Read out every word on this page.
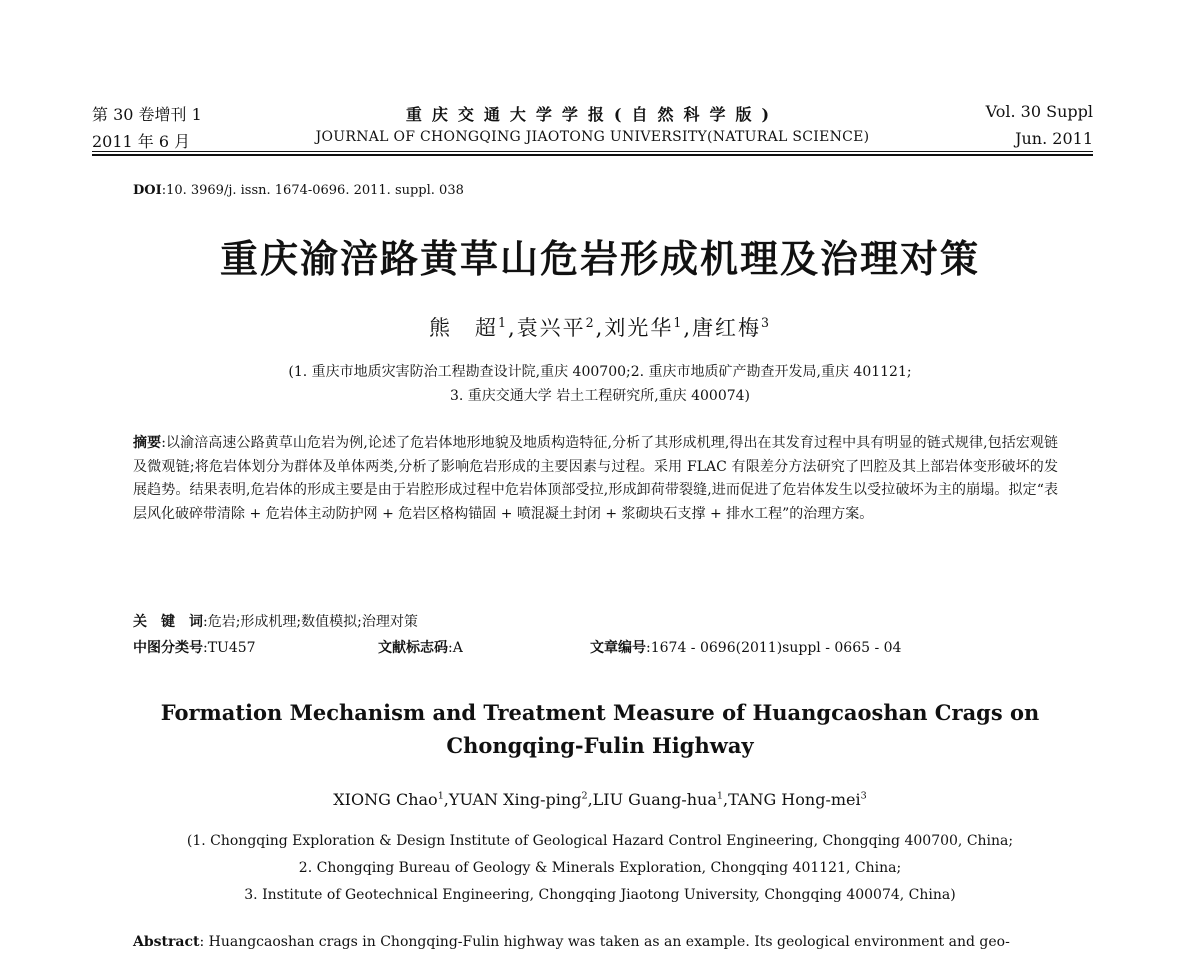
第 30 卷增刊 1	重庆交通大学学报(自然科学版)	Vol. 30 Suppl
2011 年 6 月	JOURNAL OF CHONGQING JIAOTONG UNIVERSITY(NATURAL SCIENCE)	Jun. 2011
DOI:10. 3969/j. issn. 1674-0696. 2011. suppl. 038
重庆渝涪路黄草山危岩形成机理及治理对策
熊　超$^1$,袁兴平$^2$,刘光华$^1$,唐红梅$^3$
(1. 重庆市地质灾害防治工程勘查设计院,重庆 400700;2. 重庆市地质矿产勘查开发局,重庆 401121;
3. 重庆交通大学 岩土工程研究所,重庆 400074)
摘要:以渝涪高速公路黄草山危岩为例,论述了危岩体地形地貌及地质构造特征,分析了其形成机理,得出在其发育过程中具有明显的链式规律,包括宏观链及微观链;将危岩体划分为群体及单体两类,分析了影响危岩形成的主要因素与过程。采用 FLAC 有限差分方法研究了凹腔及其上部岩体变形破坏的发展趋势。结果表明,危岩体的形成主要是由于岩腔形成过程中危岩体顶部受拉,形成卸荷带裂缝,进而促进了危岩体发生以受拉破坏为主的崩塌。拟定“表层风化破碎带清除 + 危岩体主动防护网 + 危岩区格构锚固 + 喷混凝土封闭 + 浆砌块石支撑 + 排水工程”的治理方案。
关　键　词:危岩;形成机理;数值模拟;治理对策
中图分类号:TU457	文献标志码:A	文章编号:1674 - 0696(2011)suppl - 0665 - 04
Formation Mechanism and Treatment Measure of Huangcaoshan Crags on
Chongqing-Fulin Highway
XIONG Chao$^1$,YUAN Xing-ping$^2$,LIU Guang-hua$^1$,TANG Hong-mei$^3$
(1. Chongqing Exploration & Design Institute of Geological Hazard Control Engineering, Chongqing 400700, China;
2. Chongqing Bureau of Geology & Minerals Exploration, Chongqing 401121, China;
3. Institute of Geotechnical Engineering, Chongqing Jiaotong University, Chongqing 400074, China)
Abstract: Huangcaoshan crags in Chongqing-Fulin highway was taken as an example. Its geological environment and geo-
